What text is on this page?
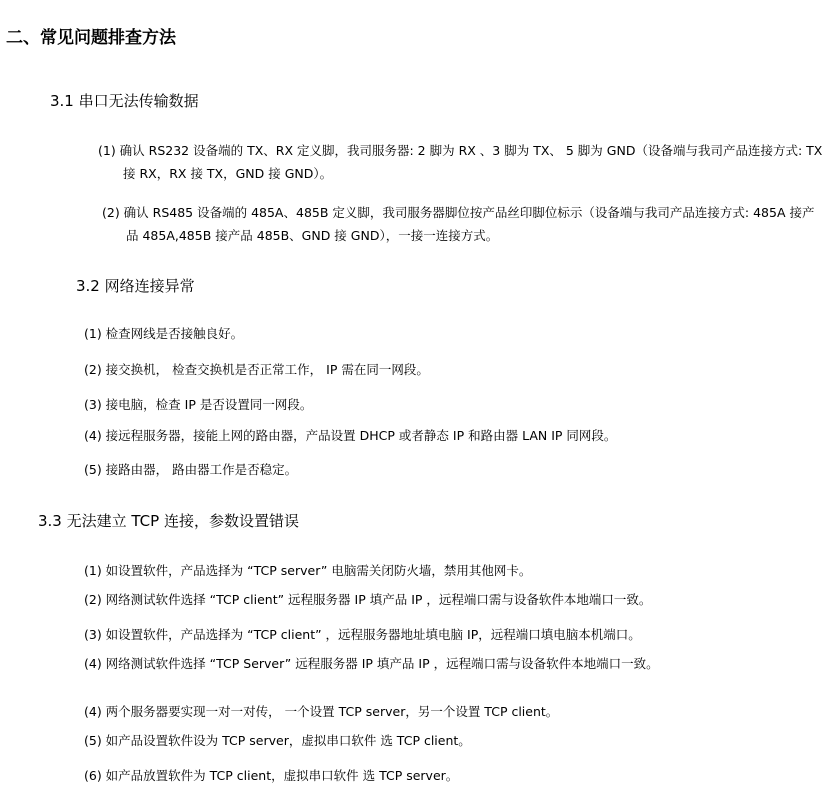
二、常见问题排查方法
3.1 串口无法传输数据
(1) 确认 RS232 设备端的 TX、RX 定义脚，我司服务器: 2 脚为 RX 、3 脚为 TX、 5 脚为 GND（设备端与我司产品连接方式: TX
接 RX，RX 接 TX，GND 接 GND）。
(2) 确认 RS485 设备端的 485A、485B 定义脚，我司服务器脚位按产品丝印脚位标示（设备端与我司产品连接方式: 485A 接产
品 485A,485B 接产品 485B、GND 接 GND），一接一连接方式。
3.2 网络连接异常
(1) 检查网线是否接触良好。
(2) 接交换机， 检查交换机是否正常工作， IP 需在同一网段。
(3) 接电脑，检查 IP 是否设置同一网段。
(4) 接远程服务器，接能上网的路由器，产品设置 DHCP 或者静态 IP 和路由器 LAN IP 同网段。
(5) 接路由器， 路由器工作是否稳定。
3.3 无法建立 TCP 连接，参数设置错误
(1) 如设置软件，产品选择为 “TCP server” 电脑需关闭防火墙，禁用其他网卡。
(2) 网络测试软件选择 “TCP client” 远程服务器 IP 填产品 IP ，远程端口需与设备软件本地端口一致。
(3) 如设置软件，产品选择为 “TCP client” ，远程服务器地址填电脑 IP，远程端口填电脑本机端口。
(4) 网络测试软件选择 “TCP Server” 远程服务器 IP 填产品 IP ，远程端口需与设备软件本地端口一致。
(4) 两个服务器要实现一对一对传， 一个设置 TCP server，另一个设置 TCP client。
(5) 如产品设置软件设为 TCP server，虚拟串口软件 选 TCP client。
(6) 如产品放置软件为 TCP client，虚拟串口软件 选 TCP server。
